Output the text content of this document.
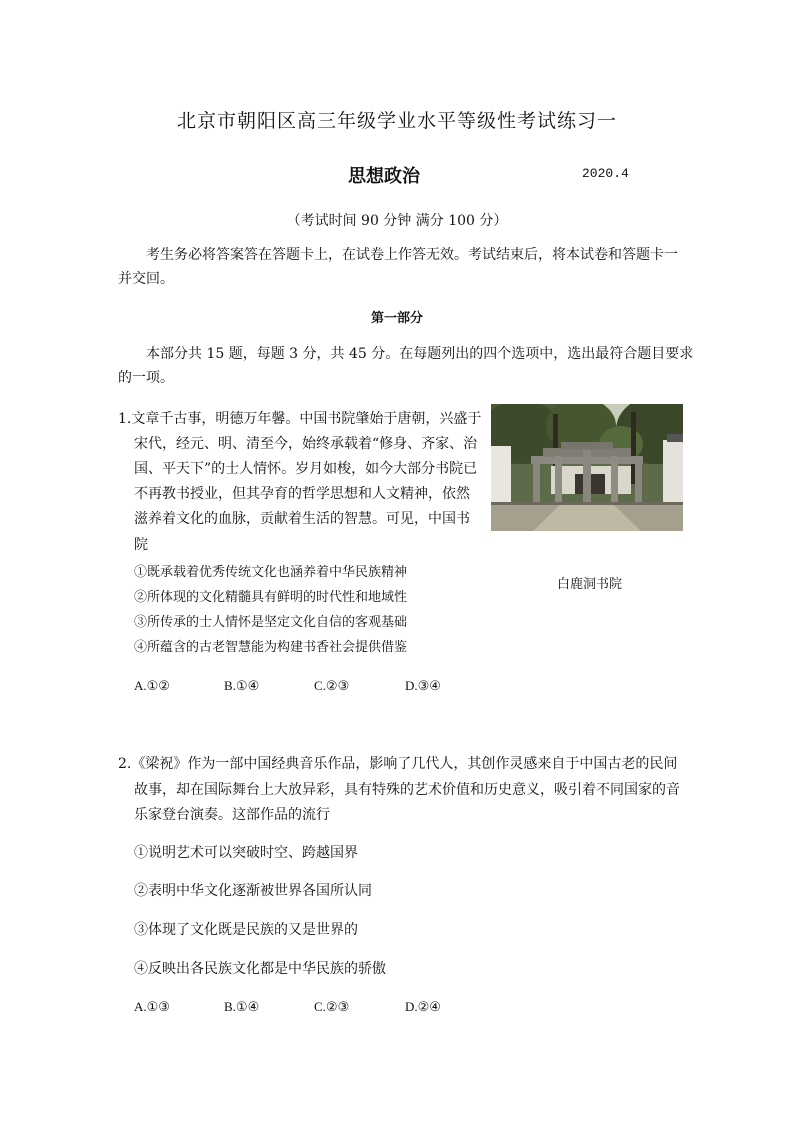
北京市朝阳区高三年级学业水平等级性考试练习一
思想政治	2020.4
（考试时间 90 分钟 满分 100 分）
考生务必将答案答在答题卡上，在试卷上作答无效。考试结束后，将本试卷和答题卡一
并交回。
第一部分
本部分共 15 题，每题 3 分，共 45 分。在每题列出的四个选项中，选出最符合题目要求
的一项。
1.文章千古事，明德万年馨。中国书院肇始于唐朝，兴盛于
宋代，经元、明、清至今，始终承载着“修身、齐家、治
国、平天下”的士人情怀。岁月如梭，如今大部分书院已
不再教书授业，但其孕育的哲学思想和人文精神，依然
滋养着文化的血脉，贡献着生活的智慧。可见，中国书
院
①既承载着优秀传统文化也涵养着中华民族精神
②所体现的文化精髓具有鲜明的时代性和地域性
③所传承的士人情怀是坚定文化自信的客观基础
④所蕴含的古老智慧能为构建书香社会提供借鉴
A.①②	B.①④	C.②③	D.③④
白鹿洞书院
2.《梁祝》作为一部中国经典音乐作品，影响了几代人，其创作灵感来自于中国古老的民间
故事，却在国际舞台上大放异彩，具有特殊的艺术价值和历史意义，吸引着不同国家的音
乐家登台演奏。这部作品的流行
①说明艺术可以突破时空、跨越国界
②表明中华文化逐渐被世界各国所认同
③体现了文化既是民族的又是世界的
④反映出各民族文化都是中华民族的骄傲
A.①③	B.①④	C.②③	D.②④
